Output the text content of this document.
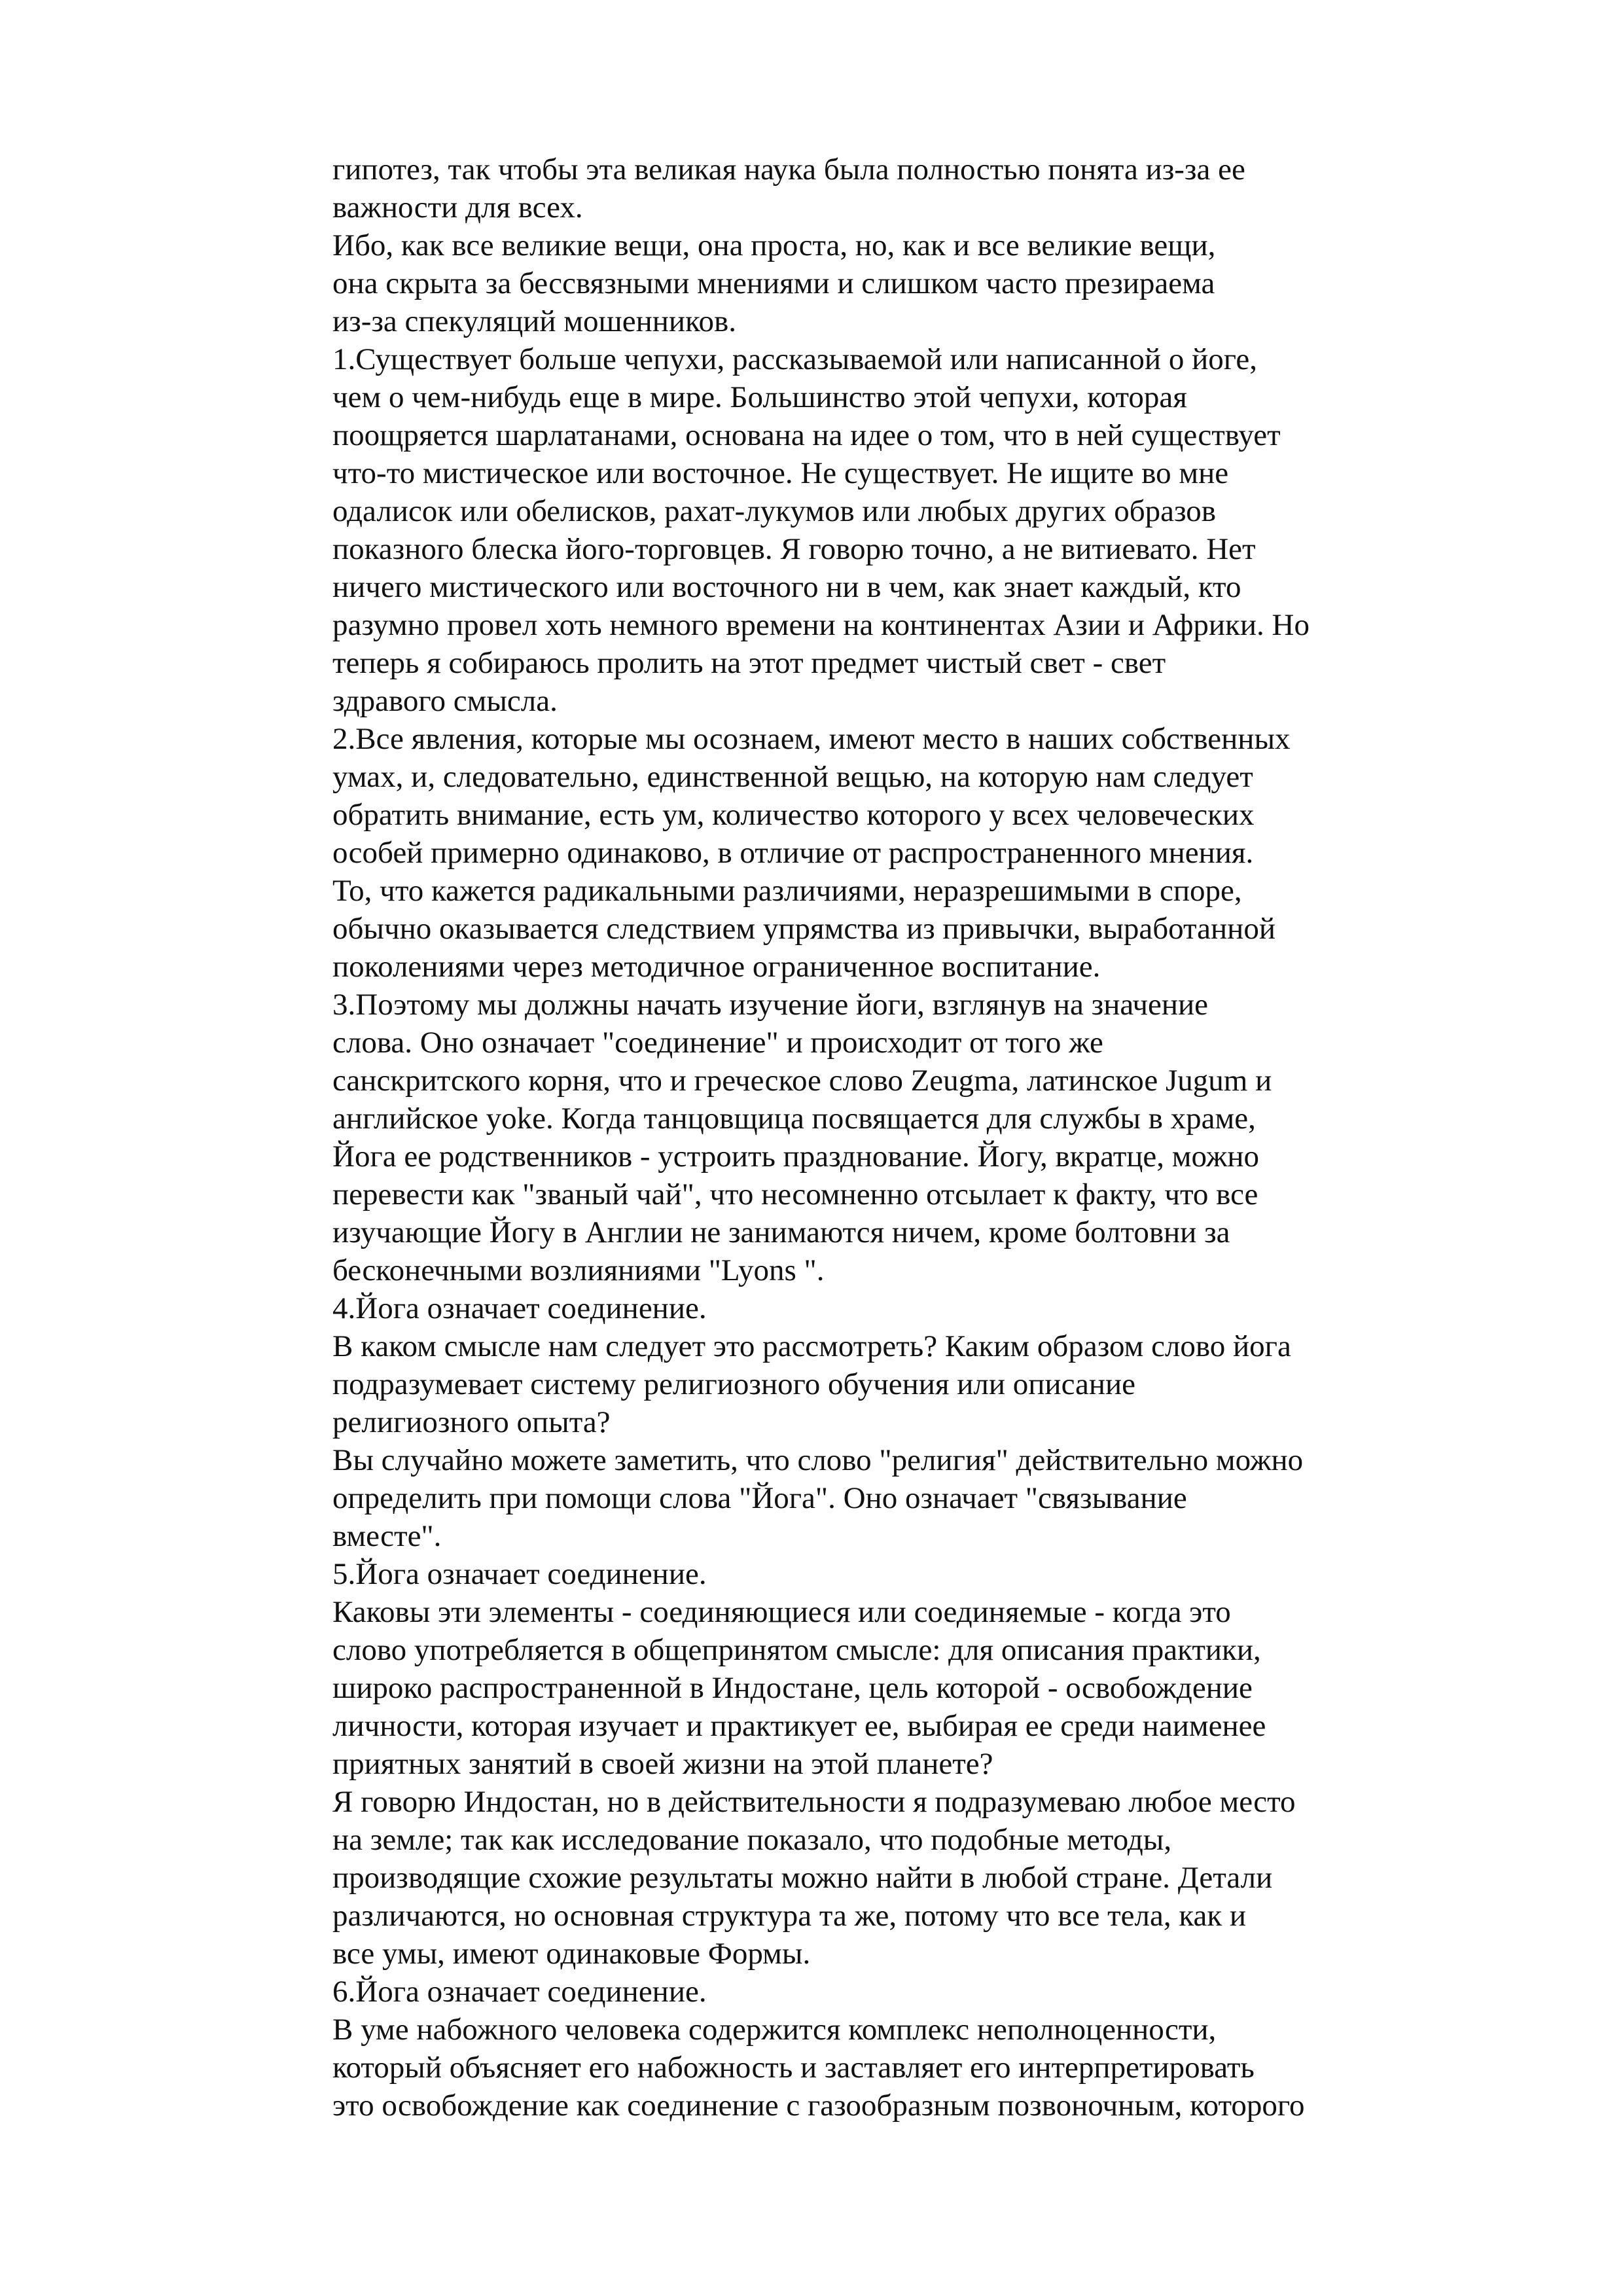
гипотез, так чтобы эта великая наука была полностью понята из-за ее
важности для всех.
Ибо, как все великие вещи, она проста, но, как и все великие вещи,
она скрыта за бессвязными мнениями и слишком часто презираема
из-за спекуляций мошенников.
1.Существует больше чепухи, рассказываемой или написанной о йоге,
чем о чем-нибудь еще в мире. Большинство этой чепухи, которая
поощряется шарлатанами, основана на идее о том, что в ней существует
что-то мистическое или восточное. Не существует. Не ищите во мне
одалисок или обелисков, рахат-лукумов или любых других образов
показного блеска його-торговцев. Я говорю точно, а не витиевато. Нет
ничего мистического или восточного ни в чем, как знает каждый, кто
разумно провел хоть немного времени на континентах Азии и Африки. Но
теперь я собираюсь пролить на этот предмет чистый свет - свет
здравого смысла.
2.Все явления, которые мы осознаем, имеют место в наших собственных
умах, и, следовательно, единственной вещью, на которую нам следует
обратить внимание, есть ум, количество которого у всех человеческих
особей примерно одинаково, в отличие от распространенного мнения.
То, что кажется радикальными различиями, неразрешимыми в споре,
обычно оказывается следствием упрямства из привычки, выработанной
поколениями через методичное ограниченное воспитание.
3.Поэтому мы должны начать изучение йоги, взглянув на значение
слова. Оно означает "соединение" и происходит от того же
санскритского корня, что и греческое слово Zeugma, латинское Jugum и
английское yoke. Когда танцовщица посвящается для службы в храме,
Йога ее родственников - устроить празднование. Йогу, вкратце, можно
перевести как "званый чай", что несомненно отсылает к факту, что все
изучающие Йогу в Англии не занимаются ничем, кроме болтовни за
бесконечными возлияниями "Lyons ".
4.Йога означает соединение.
В каком смысле нам следует это рассмотреть? Каким образом слово йога
подразумевает систему религиозного обучения или описание
религиозного опыта?
Вы случайно можете заметить, что слово "религия" действительно можно
определить при помощи слова "Йога". Оно означает "связывание
вместе".
5.Йога означает соединение.
Каковы эти элементы - соединяющиеся или соединяемые - когда это
слово употребляется в общепринятом смысле: для описания практики,
широко распространенной в Индостане, цель которой - освобождение
личности, которая изучает и практикует ее, выбирая ее среди наименее
приятных занятий в своей жизни на этой планете?
Я говорю Индостан, но в действительности я подразумеваю любое место
на земле; так как исследование показало, что подобные методы,
производящие схожие результаты можно найти в любой стране. Детали
различаются, но основная структура та же, потому что все тела, как и
все умы, имеют одинаковые Формы.
6.Йога означает соединение.
В уме набожного человека содержится комплекс неполноценности,
который объясняет его набожность и заставляет его интерпретировать
это освобождение как соединение с газообразным позвоночным, которого
